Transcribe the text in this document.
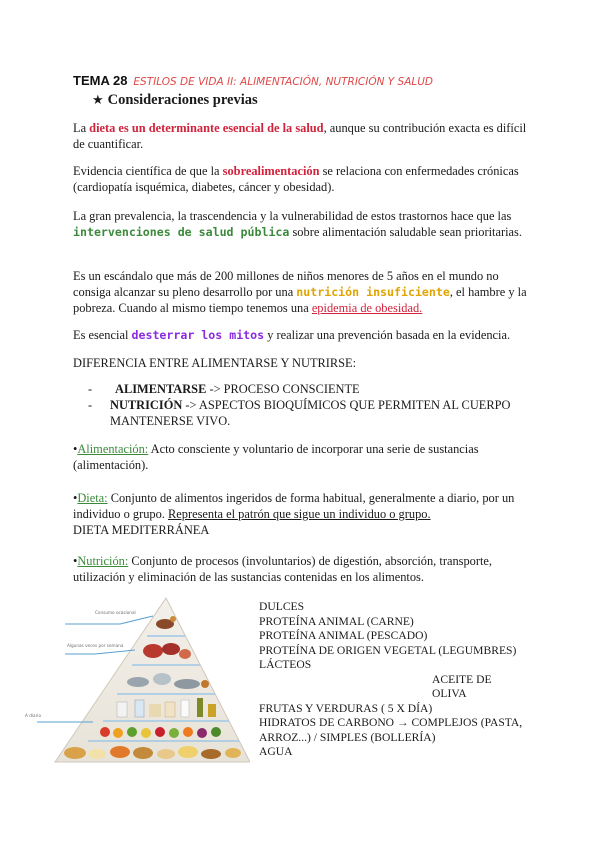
TEMA 28 ESTILOS DE VIDA II: ALIMENTACIÓN, NUTRICIÓN Y SALUD
★ Consideraciones previas

La dieta es un determinante esencial de la salud, aunque su contribución exacta es difícil de cuantificar.

Evidencia científica de que la sobrealimentación se relaciona con enfermedades crónicas (cardiopatía isquémica, diabetes, cáncer y obesidad).

La gran prevalencia, la trascendencia y la vulnerabilidad de estos trastornos hace que las intervenciones de salud pública sobre alimentación saludable sean prioritarias.

Es un escándalo que más de 200 millones de niños menores de 5 años en el mundo no consiga alcanzar su pleno desarrollo por una nutrición insuficiente, el hambre y la pobreza. Cuando al mismo tiempo tenemos una epidemia de obesidad.

Es esencial desterrar los mitos y realizar una prevención basada en la evidencia.

DIFERENCIA ENTRE ALIMENTARSE Y NUTRIRSE:

-	ALIMENTARSE -> PROCESO CONSCIENTE
-	NUTRICIÓN -> ASPECTOS BIOQUÍMICOS QUE PERMITEN AL CUERPO MANTENERSE VIVO.

•Alimentación: Acto consciente y voluntario de incorporar una serie de sustancias (alimentación).

•Dieta: Conjunto de alimentos ingeridos de forma habitual, generalmente a diario, por un individuo o grupo. Representa el patrón que sigue un individuo o grupo.
DIETA MEDITERRÁNEA

•Nutrición: Conjunto de procesos (involuntarios) de digestión, absorción, transporte, utilización y eliminación de las sustancias contenidas en los alimentos.

Consumo ocasional
Algunas veces por semana
A diario
DULCES
PROTEÍNA ANIMAL (CARNE)
PROTEÍNA ANIMAL (PESCADO)
PROTEÍNA DE ORIGEN VEGETAL (LEGUMBRES)
LÁCTEOS
ACEITE DE
OLIVA
FRUTAS Y VERDURAS ( 5 X DÍA)
HIDRATOS DE CARBONO → COMPLEJOS (PASTA, ARROZ...) / SIMPLES (BOLLERÍA)
AGUA
